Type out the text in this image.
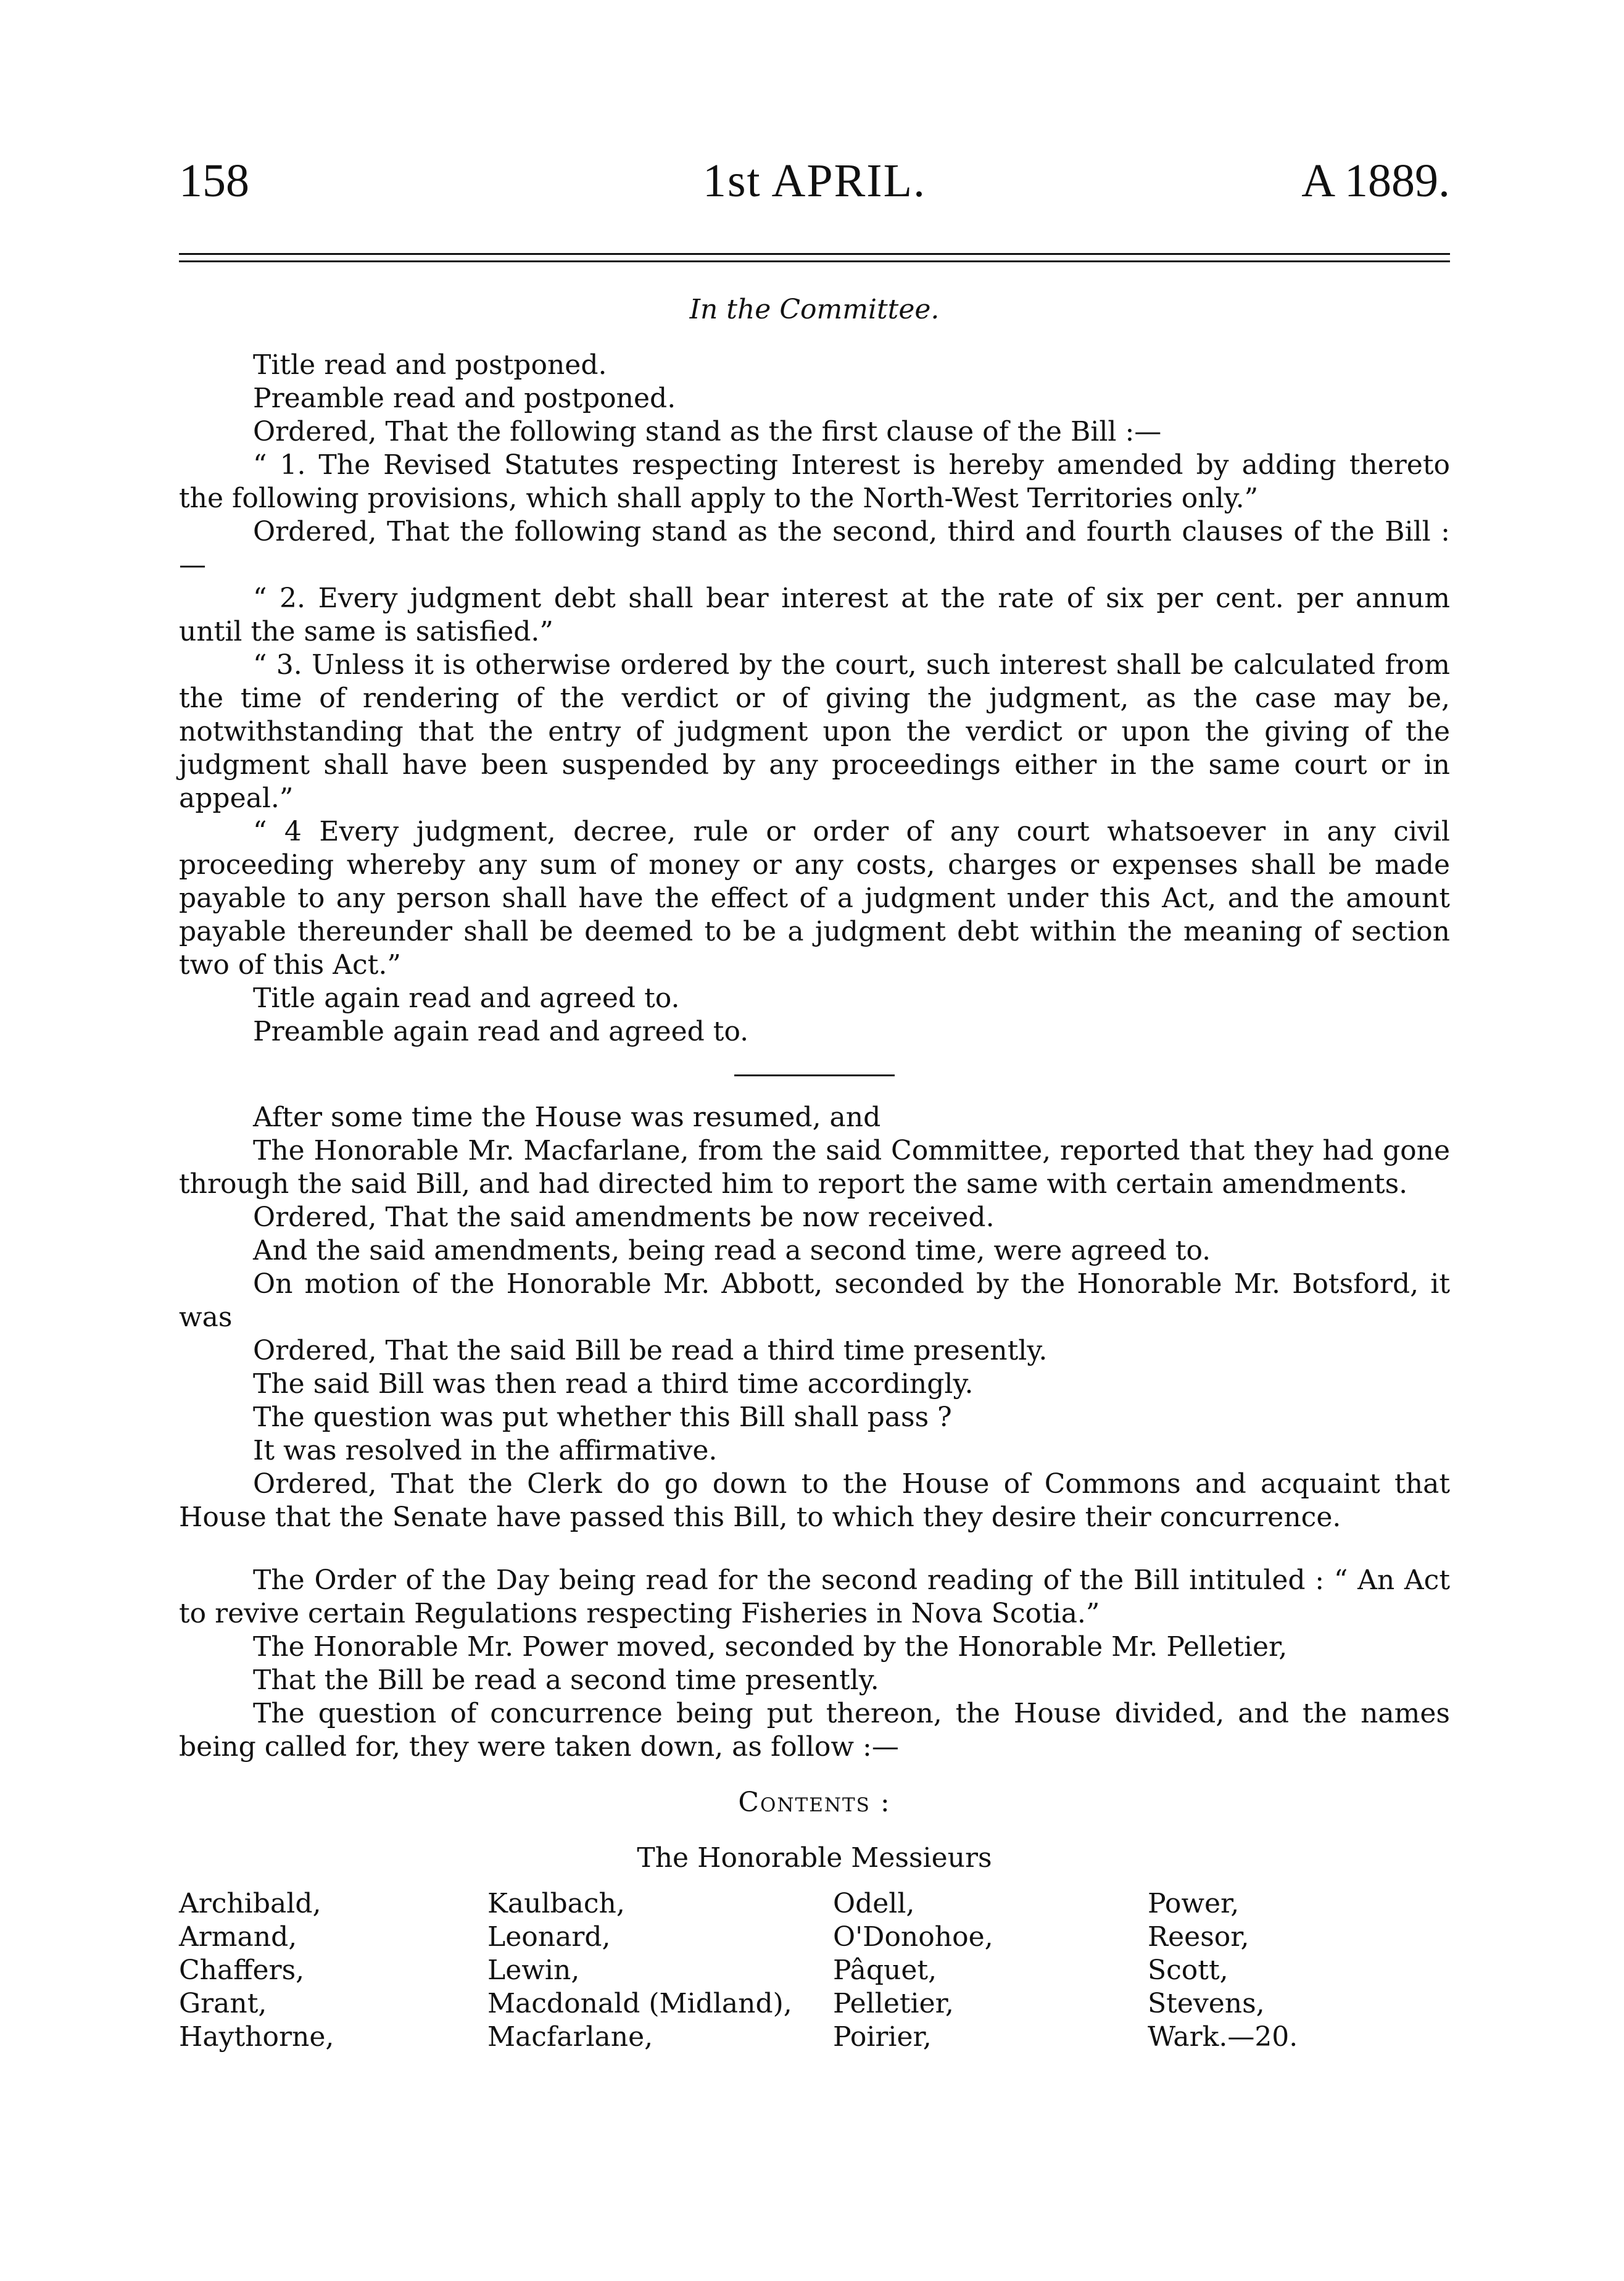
158	1st APRIL.	A 1889.
In the Committee.

Title read and postponed.

Preamble read and postponed.

Ordered, That the following stand as the first clause of the Bill :—

“ 1. The Revised Statutes respecting Interest is hereby amended by adding thereto the following provisions, which shall apply to the North-West Territories only.”

Ordered, That the following stand as the second, third and fourth clauses of the Bill :—

“ 2. Every judgment debt shall bear interest at the rate of six per cent. per annum until the same is satisfied.”

“ 3. Unless it is otherwise ordered by the court, such interest shall be calculated from the time of rendering of the verdict or of giving the judgment, as the case may be, notwithstanding that the entry of judgment upon the verdict or upon the giving of the judgment shall have been suspended by any proceedings either in the same court or in appeal.”

“ 4 Every judgment, decree, rule or order of any court whatsoever in any civil proceeding whereby any sum of money or any costs, charges or expenses shall be made payable to any person shall have the effect of a judgment under this Act, and the amount payable thereunder shall be deemed to be a judgment debt within the meaning of section two of this Act.”

Title again read and agreed to.

Preamble again read and agreed to.

After some time the House was resumed, and

The Honorable Mr. Macfarlane, from the said Committee, reported that they had gone through the said Bill, and had directed him to report the same with certain amendments.

Ordered, That the said amendments be now received.

And the said amendments, being read a second time, were agreed to.

On motion of the Honorable Mr. Abbott, seconded by the Honorable Mr. Botsford, it was

Ordered, That the said Bill be read a third time presently.

The said Bill was then read a third time accordingly.

The question was put whether this Bill shall pass ?

It was resolved in the affirmative.

Ordered, That the Clerk do go down to the House of Commons and acquaint that House that the Senate have passed this Bill, to which they desire their concurrence.

The Order of the Day being read for the second reading of the Bill intituled : “ An Act to revive certain Regulations respecting Fisheries in Nova Scotia.”

The Honorable Mr. Power moved, seconded by the Honorable Mr. Pelletier,

That the Bill be read a second time presently.

The question of concurrence being put thereon, the House divided, and the names being called for, they were taken down, as follow :—

Contents :
The Honorable Messieurs
Archibald,
Armand,
Chaffers,
Grant,
Haythorne,
Kaulbach,
Leonard,
Lewin,
Macdonald (Midland),
Macfarlane,
Odell,
O'Donohoe,
Pâquet,
Pelletier,
Poirier,
Power,
Reesor,
Scott,
Stevens,
Wark.—20.
